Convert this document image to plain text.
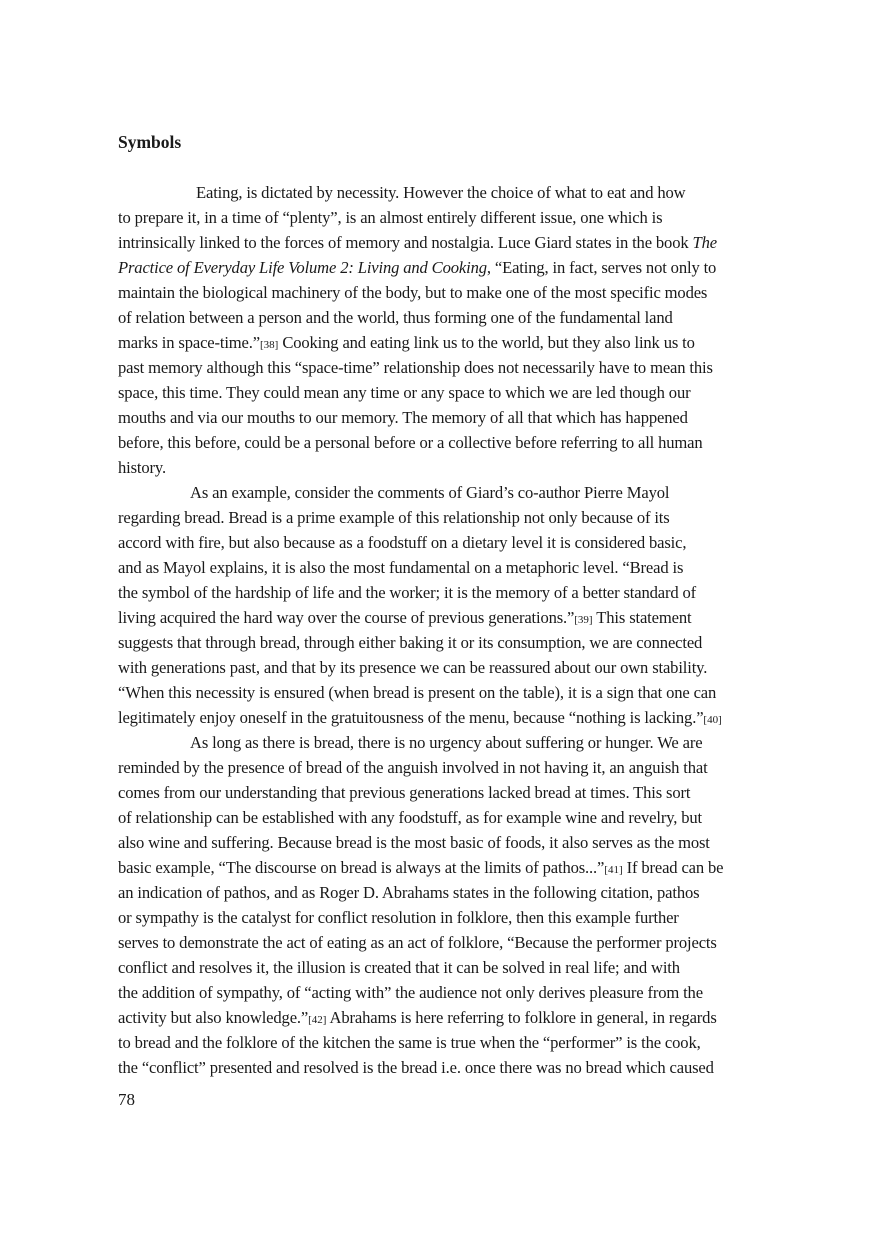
Symbols
Eating, is dictated by necessity. However the choice of what to eat and how
to prepare it, in a time of “plenty”, is an almost entirely different issue, one which is
intrinsically linked to the forces of memory and nostalgia. Luce Giard states in the book The
Practice of Everyday Life Volume 2: Living and Cooking, “Eating, in fact, serves not only to
maintain the biological machinery of the body, but to make one of the most specific modes
of relation between a person and the world, thus forming one of the fundamental land
marks in space-time.”[38] Cooking and eating link us to the world, but they also link us to
past memory although this “space-time” relationship does not necessarily have to mean this
space, this time. They could mean any time or any space to which we are led though our
mouths and via our mouths to our memory. The memory of all that which has happened
before, this before, could be a personal before or a collective before referring to all human
history.
As an example, consider the comments of Giard’s co-author Pierre Mayol
regarding bread. Bread is a prime example of this relationship not only because of its
accord with fire, but also because as a foodstuff on a dietary level it is considered basic,
and as Mayol explains, it is also the most fundamental on a metaphoric level. “Bread is
the symbol of the hardship of life and the worker; it is the memory of a better standard of
living acquired the hard way over the course of previous generations.”[39] This statement
suggests that through bread, through either baking it or its consumption, we are connected
with generations past, and that by its presence we can be reassured about our own stability.
“When this necessity is ensured (when bread is present on the table), it is a sign that one can
legitimately enjoy oneself in the gratuitousness of the menu, because “nothing is lacking.”[40]
As long as there is bread, there is no urgency about suffering or hunger. We are
reminded by the presence of bread of the anguish involved in not having it, an anguish that
comes from our understanding that previous generations lacked bread at times. This sort
of relationship can be established with any foodstuff, as for example wine and revelry, but
also wine and suffering. Because bread is the most basic of foods, it also serves as the most
basic example, “The discourse on bread is always at the limits of pathos...”[41] If bread can be
an indication of pathos, and as Roger D. Abrahams states in the following citation, pathos
or sympathy is the catalyst for conflict resolution in folklore, then this example further
serves to demonstrate the act of eating as an act of folklore, “Because the performer projects
conflict and resolves it, the illusion is created that it can be solved in real life; and with
the addition of sympathy, of “acting with” the audience not only derives pleasure from the
activity but also knowledge.”[42] Abrahams is here referring to folklore in general, in regards
to bread and the folklore of the kitchen the same is true when the “performer” is the cook,
the “conflict” presented and resolved is the bread i.e. once there was no bread which caused
78
